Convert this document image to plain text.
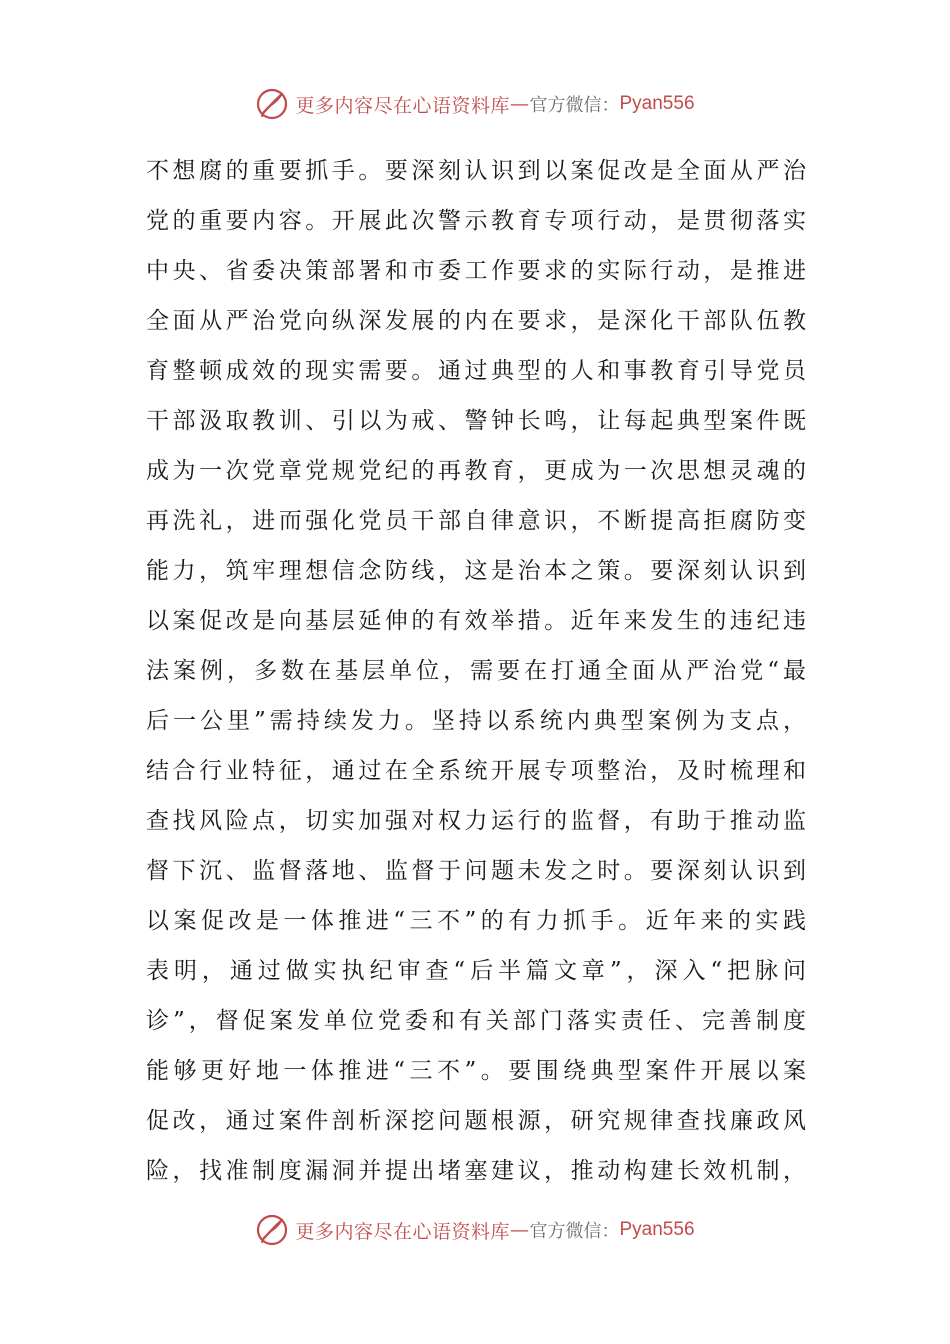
更多内容尽在心语资料库 — 官方微信： Pyan556
不想腐的重要抓手。要深刻认识到以案促改是全面从严治
党的重要内容。开展此次警示教育专项行动，是贯彻落实
中央、省委决策部署和市委工作要求的实际行动，是推进
全面从严治党向纵深发展的内在要求，是深化干部队伍教
育整顿成效的现实需要。通过典型的人和事教育引导党员
干部汲取教训、引以为戒、警钟长鸣，让每起典型案件既
成为一次党章党规党纪的再教育，更成为一次思想灵魂的
再洗礼，进而强化党员干部自律意识，不断提高拒腐防变
能力，筑牢理想信念防线，这是治本之策。要深刻认识到
以案促改是向基层延伸的有效举措。近年来发生的违纪违
法案例，多数在基层单位，需要在打通全面从严治党“最
后一公里”需持续发力。坚持以系统内典型案例为支点，
结合行业特征，通过在全系统开展专项整治，及时梳理和
查找风险点，切实加强对权力运行的监督，有助于推动监
督下沉、监督落地、监督于问题未发之时。要深刻认识到
以案促改是一体推进“三不”的有力抓手。近年来的实践
表明，通过做实执纪审查“后半篇文章”，深入“把脉问
诊”，督促案发单位党委和有关部门落实责任、完善制度
能够更好地一体推进“三不”。要围绕典型案件开展以案
促改，通过案件剖析深挖问题根源，研究规律查找廉政风
险，找准制度漏洞并提出堵塞建议，推动构建长效机制，
更多内容尽在心语资料库 — 官方微信： Pyan556
